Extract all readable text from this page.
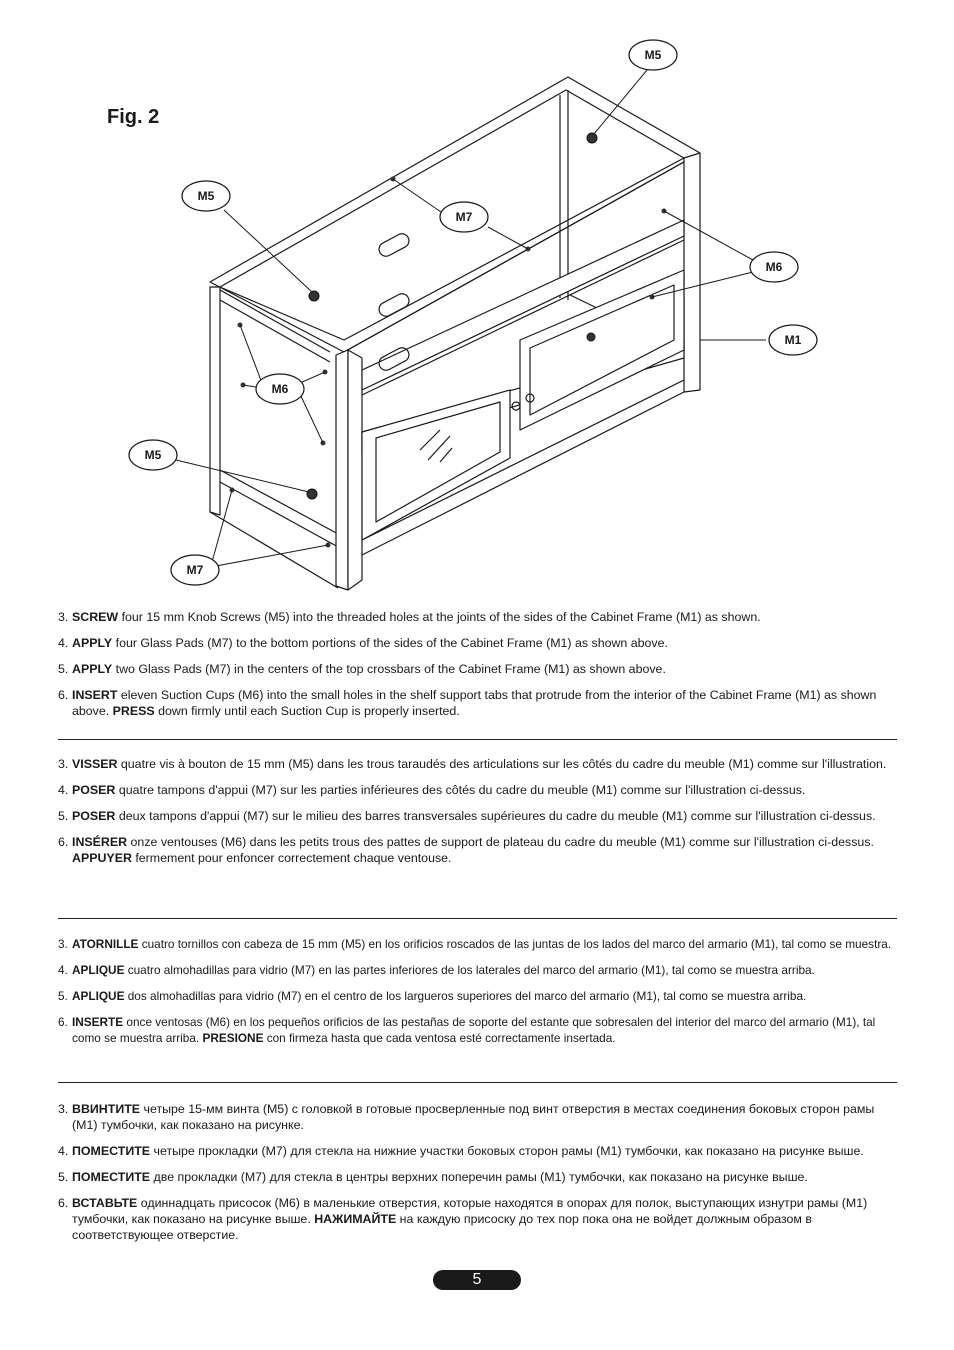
Fig. 2
M5
M5
M7
M6
M1
M6
M5
M7

3. SCREW four 15 mm Knob Screws (M5) into the threaded holes at the joints of the sides of the Cabinet Frame (M1) as shown.

4. APPLY four Glass Pads (M7) to the bottom portions of the sides of the Cabinet Frame (M1) as shown above.

5. APPLY two Glass Pads (M7) in the centers of the top crossbars of the Cabinet Frame (M1) as shown above.

6. INSERT eleven Suction Cups (M6) into the small holes in the shelf support tabs that protrude from the interior of the Cabinet Frame (M1) as shown above. PRESS down firmly until each Suction Cup is properly inserted.

3. VISSER quatre vis à bouton de 15 mm (M5) dans les trous taraudés des articulations sur les côtés du cadre du meuble (M1) comme sur l'illustration.

4. POSER quatre tampons d'appui (M7) sur les parties inférieures des côtés du cadre du meuble (M1) comme sur l'illustration ci-dessus.

5. POSER deux tampons d'appui (M7) sur le milieu des barres transversales supérieures du cadre du meuble (M1) comme sur l'illustration ci-dessus.

6. INSÉRER onze ventouses (M6) dans les petits trous des pattes de support de plateau du cadre du meuble (M1) comme sur l'illustration ci-dessus. APPUYER fermement pour enfoncer correctement chaque ventouse.

3. ATORNILLE cuatro tornillos con cabeza de 15 mm (M5) en los orificios roscados de las juntas de los lados del marco del armario (M1), tal como se muestra.

4. APLIQUE cuatro almohadillas para vidrio (M7) en las partes inferiores de los laterales del marco del armario (M1), tal como se muestra arriba.

5. APLIQUE dos almohadillas para vidrio (M7) en el centro de los largueros superiores del marco del armario (M1), tal como se muestra arriba.

6. INSERTE once ventosas (M6) en los pequeños orificios de las pestañas de soporte del estante que sobresalen del interior del marco del armario (M1), tal como se muestra arriba. PRESIONE con firmeza hasta que cada ventosa esté correctamente insertada.

3. ВВИНТИТЕ четыре 15-мм винта (M5) с головкой в готовые просверленные под винт отверстия в местах соединения боковых сторон рамы (M1) тумбочки, как показано на рисунке.

4. ПОМЕСТИТЕ четыре прокладки (M7) для стекла на нижние участки боковых сторон рамы (M1) тумбочки, как показано на рисунке выше.

5. ПОМЕСТИТЕ две прокладки (M7) для стекла в центры верхних поперечин рамы (M1) тумбочки, как показано на рисунке выше.

6. ВСТАВЬТЕ одиннадцать присосок (M6) в маленькие отверстия, которые находятся в опорах для полок, выступающих изнутри рамы (M1) тумбочки, как показано на рисунке выше. НАЖИМАЙТЕ на каждую присоску до тех пор пока она не войдет должным образом в соответствующее отверстие.

5
